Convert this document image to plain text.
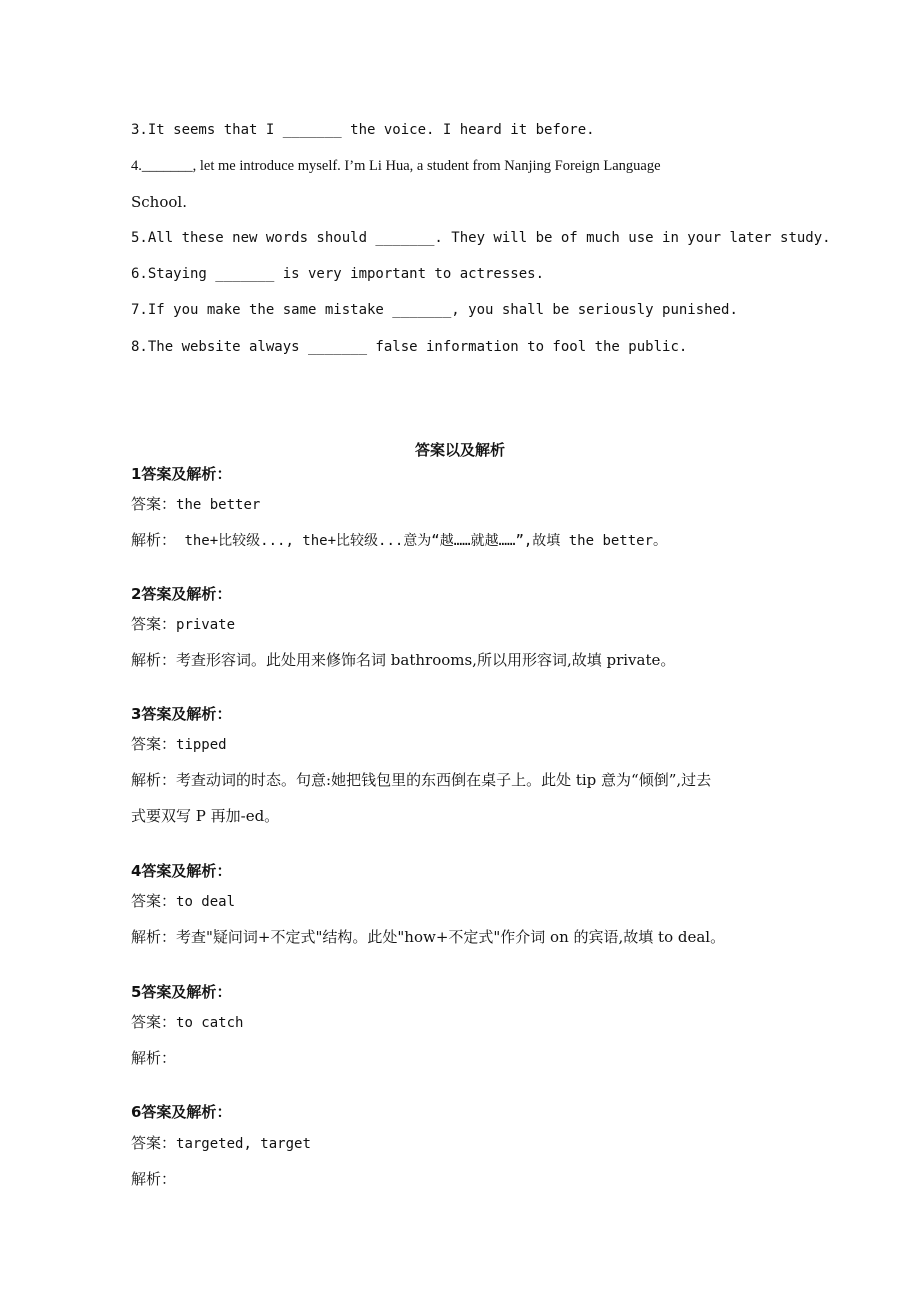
3.It seems that I _______ the voice. I heard it before.
4._______, let me introduce myself. I’m Li Hua, a student from Nanjing Foreign Language
School.
5.All these new words should _______. They will be of much use in your later study.
6.Staying _______ is very important to actresses.
7.If you make the same mistake _______, you shall be seriously punished.
8.The website always _______ false information to fool the public.
答案以及解析
1答案及解析：
答案：the better
解析： the+比较级..., the+比较级...意为“越……就越……”,故填 the better。
2答案及解析：
答案：private
解析：考查形容词。此处用来修饰名词 bathrooms,所以用形容词,故填 private。
3答案及解析：
答案：tipped
解析：考查动词的时态。句意:她把钱包里的东西倒在桌子上。此处 tip 意为“倾倒”,过去
式要双写 P 再加-ed。
4答案及解析：
答案：to deal
解析：考查"疑问词+不定式"结构。此处"how+不定式"作介词 on 的宾语,故填 to deal。
5答案及解析：
答案：to catch
解析：
6答案及解析：
答案：targeted, target
解析：
